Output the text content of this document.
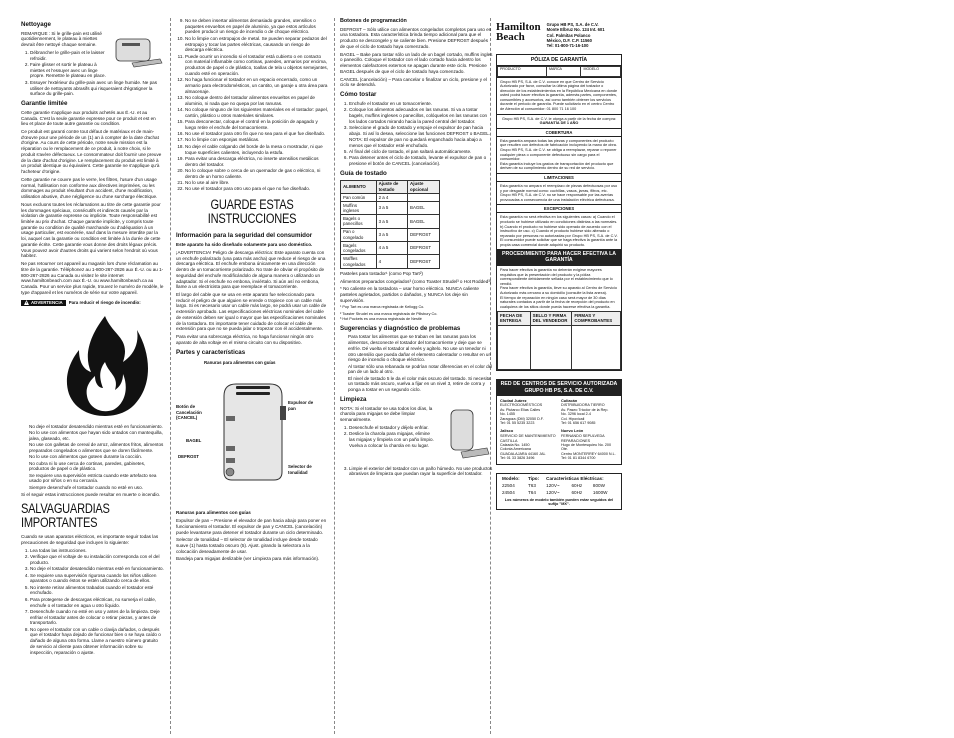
Nettoyage

REMARQUE : Si le grille-pain est utilisé quotidiennement, le plateau à miettes devrait être nettoyé chaque semaine.

1. Débrancher le grille-pain et le laisser refroidir.
2. Faire glisser et sortir le plateau à miettes et l'essuyer avec un linge propre. Remettre le plateau en place.
3. Essuyer l'extérieur du grille-pain avec un linge humide. Ne pas utiliser de nettoyants abrasifs qui risqueraient d'égratigner la surface du grille-pain.
Garantie limitée

Cette garantie s'applique aux produits achetés aux É.-U. et au Canada. C'est la seule garantie expresse pour ce produit et est en lieu et place de toute autre garantie ou condition.

Ce produit est garanti contre tout défaut de matériaux et de main-d'œuvre pour une période de un (1) an à compter de la date d'achat d'origine. Au cours de cette période, notre seule mission est la réparation ou le remplacement de ce produit, à notre choix, si le produit s'avère défectueux. Le consommateur doit fournir une preuve de la date d'achat d'origine. Le remplacement du produit est limité à un produit identique ou équivalent. Cette garantie ne s'applique qu'à l'acheteur d'origine.

Cette garantie ne couvre pas le verre, les filtres, l'usure d'un usage normal, l'utilisation non conforme aux directives imprimées, ou les dommages au produit résultant d'un accident, d'une modification, utilisation abusive, d'une négligence ou d'une surcharge électrique.

Nous excluons toutes les réclamations au titre de cette garantie pour les dommages spéciaux, consécutifs et indirects causés par la violation de garantie expresse ou implicite. Toute responsabilité est limitée au prix d'achat. Chaque garantie implicite, y compris toute garantie ou condition de qualité marchande ou d'adéquation à un usage particulier, est exonérée, sauf dans la mesure interdite par la loi, auquel cas la garantie ou condition est limitée à la durée de cette garantie écrite. Cette garantie vous donne des droits légaux précis. Vous pouvez avoir d'autres droits qui varient selon l'endroit où vous habitez.

Ne pas retourner cet appareil au magasin lors d'une réclamation au titre de la garantie. Téléphonez au 1-800-267-2826 aux É.-U. ou au 1-800-267-2826 au Canada ou visitez le site internet www.hamiltonbeach.com aux É.-U. ou www.hamiltonbeach.ca au Canada. Pour un service plus rapide, trouvez le numéro de modèle, le type d'appareil et les numéros de série sur votre appareil.

ADVERTENCIA Para reducir el riesgo de incendio:
• No deje el tostador desatendido mientras esté en funcionamiento.
• No lo use con alimentos que hayan sido untados con mantequilla, jalea, glaseado, etc.
• No use con galletas de cereal de arroz, alimentos fritos, alimentos preparados congelados o alimentos que se doren fácilmente.
• No lo use con alimentos que goteen durante la cocción.
• No cubra ni lo use cerca de cortinas, paredes, gabinetes, productos de papel o de plástico.
• Se requiere una supervisión estricta cuando este artefacto sea usado por niños o en su cercanía.
• Siempre desenchufe el tostador cuando no esté en uso.

Si el seguir estas instrucciones puede resultar en muerte o incendio.

SALVAGUARDIAS IMPORTANTES

Cuando se usan aparatos eléctricos, es importante seguir todas las precauciones de seguridad que incluyen lo siguiente:

1. Lea todas las instrucciones.
2. Verifique que el voltaje de su instalación corresponda con el del producto.
3. No deje el tostador desatendido mientras esté en funcionamiento.
4. Se requiere una supervisión rigurosa cuando los niños utilicen aparatos o cuando éstos se estén utilizando cerca de ellos.
5. No intente retirar alimentos trabados cuando el tostador esté enchufado.
6. Para protegerse de descargas eléctricas, no sumerja el cable, enchufe o el tostador en agua u otro líquido.
7. Desenchufe cuando no esté en uso y antes de la limpieza. Deje enfriar el tostador antes de colocar o retirar piezas, y antes de transportarlo.
8. No opere el tostador con un cable o clavija dañados, o después que el tostador haya dejado de funcionar bien o se haya caído o dañado de alguna otra forma. Llame a nuestro número gratuito de servicio al cliente para obtener información sobre su inspección, reparación o ajuste.
9. No se deben insertar alimentos demasiado grandes, utensilios o paquetes envueltos en papel de aluminio, ya que estos artículos pueden producir un riesgo de incendio o de choque eléctrico.
10. No lo limpie con estropajos de metal. Se pueden separar pedazos del estropajo y tocar las partes eléctricas, causando un riesgo de descarga eléctrica.
11. Puede ocurrir un incendio si el tostador está cubierto o en contacto con material inflamable como cortinas, paredes, armarios por encima, productos de papel o de plástico, toallas de tela u objetos semejantes, cuando esté en operación.
12. No haga funcionar el tostador en un espacio encerrado, como un armario para electrodomésticos, un cantito, un garaje u otra área para almacenaje.
13. No coloque dentro del tostador alimentos envueltos en papel de aluminio, ni nada que no quepa por las ranuras.
14. No coloque ninguno de los siguientes materiales en el tostador: papel, cartón, plástico u otros materiales similares.
15. Para desconectar, coloque el control en la posición de apagado y luego retire el enchufe del tomacorriente.
16. No use el tostador para otro fin que no sea para el que fue diseñado.
17. No lo limpie con esponjas metálicas.
18. No deje el cable colgando del borde de la mesa o mostrador, ni que toque superficies calientes, incluyendo la estufa.
19. Para evitar una descarga eléctrica, no inserte utensilios metálicos dentro del tostador.
20. No lo coloque sobre o cerca de un quemador de gas o eléctrico, ni dentro de un horno caliente.
21. No lo use al aire libre.
22. No use el tostador para otro uso para el que no fue diseñado.
GUARDE ESTAS INSTRUCCIONES
Información para la seguridad del consumidor

Este aparato ha sido diseñado solamente para uso doméstico.

¡ADVERTENCIA! Peligro de descarga eléctrica: Este aparato cuenta con un enchufe polarizado (una pata más ancha) que reduce el riesgo de una descarga eléctrica. El enchufe embona únicamente en una dirección dentro de un tomacorriente polarizado. No trate de obviar el propósito de seguridad del enchufe modificándolo de alguna manera o utilizando un adaptador. Si el enchufe no embona, inviértalo. Si aún así no embona, llame a un electricista para que reemplace el tomacorriente.

El largo del cable que se usa en este aparato fue seleccionado para reducir el peligro de que alguien se enrede o tropiece con un cable más largo. Si es necesario usar un cable más largo, se podrá usar un cable de extensión aprobado. Las especificaciones eléctricas nominales del cable de extensión deben ser igual o mayor que las especificaciones nominales de la tostadora. Es importante tener cuidado de colocar el cable de extensión para que no se pueda jalar o tropezar con él accidentalmente.

Para evitar una sobrecarga eléctrica, no haga funcionar ningún otro aparato de alta voltaje en el mismo circuito con su dispositivo.

Partes y características
Ranuras para alimentos con guías
Botón de Cancelación (CANCEL)
BAGEL
DEFROST
Expulsor de pan
Selector de tonalidad

Ranuras para alimentos con guías

Expulsor de pan – Presione el elevador de pan hacia abajo para poner en funcionamiento el tostador. El expulsor de pan y CANCEL (cancelación) puede levantarse para detener el tostador durante un ciclo determinado.

Selector de tonalidad – El selector de tonalidad incluye desde tostado suave (1) hasta tostado oscuro (5). Ajust. girando la selectora a la colocación deseadamente de usar.

Bandeja para migajas deslizable (ver Limpieza para más información).

Botones de programación

DEFROST – Sólo utilice con alimentos congelados completos para uso en una tostadora. Esta característica brinda tiempo adicional para que el producto se descongele y se caliente bien. Presione DEFROST después de que el ciclo de tostado haya comenzado.

BAGEL – Bake para tostar sólo un lado de un bagel cortado, muffins ingles o panecillo. Coloque el tostador con el lado cortado hacia adentro los elementos calefactores externos se apagan durante este ciclo. Presione BAGEL después de que el ciclo de tostado haya comenzado.

CANCEL (cancelación) – Para cancelar o finalizar un ciclo, presione y el ciclo se detendrá.

Cómo tostar
1. Enchufe el tostador en un tomacorriente.
2. Coloque los alimentos adecuados en las ranuras. Si va a tostar bagels, muffins ingleses o panecillos, colóquelos en las ranuras con los lados cortados mirando hacia la pared central del tostador.
3. Seleccione el grado de tostado y empuje el expulsor de pan hacia abajo. Si así lo desea, seleccione las funciones DEFROST o BAGEL.
NOTA: El expulsor de pan no quedará enganchado hacia abajo a menos que el tostador esté enchufado.
5. Al final del ciclo de tostado, el pan saltará automáticamente.
6. Para detener antes el ciclo de tostado, levante el expulsor de pan o presione el botón de CANCEL (cancelación).
Guía de tostado
ALIMENTO	Ajuste de tostado	Ajuste opcional
Pan común	2 a 4	
Muffins ingleses	3 a 5	BAGEL
Bagels o panecillos	3 a 5	BAGEL
Pan o congelado	3 a 5	DEFROST
Bagels congelados	4 a 5	DEFROST
Waffles congelados	4	DEFROST

Pasteles para tostador¹ (como Pop Tart²)

Alimentos preparados congelados³ (como Toaster Strudel³ o Hot Rodded³)

* No caliente en la tostadora – usar horno eléctrico. NUNCA caliente pasteles agrietados, partidos o dañados, y NUNCA los deje sin supervisión.

¹ Pop Tart es una marca registrada de Kellogg Co.

² Toaster Strudel es una marca registrada de Pillsbury Co.

³ Hot Pockets es una marca registrada de Nestlé

Sugerencias y diagnóstico de problemas
• Para tostar los alimentos que se traban en las ranuras para los alimentos, desconecte el tostador del tomacorriente y deje que se enfríe. Dé vuelta el tostador al revés y agítelo. No use un tenedor ni otro utensilio que pueda dañar el elemento calentador o resultar en un riesgo de incendio o choque eléctrico.
• Al tostar sólo una rebanada se podrían notar diferencias en el color del pan de un lado al otro.
• El nivel de tostado 5 le da el color más oscuro del tostado. Si necesita un tostado más oscuro, vuelva a fijar en un nivel 3, retire de corra y ponga a tostar en un segundo ciclo.
Limpieza

NOTA: Si el tostador se usa todos los días, la charola para migajas se debe limpiar semanalmente.

1. Desenchufe el tostador y déjelo enfriar.
2. Deslice la charola para migajas, elimine las migajas y límpiela con un paño limpio. Vuelva a colocar la charola en su lugar.
3. Limpie el exterior del tostador con un paño húmedo. No use productos abrasivos de limpieza que puedan rayar la superficie del tostador.
Hamilton
Beach
Grupo HB PS, S.A. de C.V.
Monte Elbruz No. 124 Int. 601
Col. Palmitas Polanco
México, D.F. C.P. 11560
Tel: 01-800-71-16-100
PÓLIZA DE GARANTÍA
PRODUCTO	MARCA	MODELO
Grupo HB PS, S.A. de C.V. conoce en que Centro de Servicio Autorizado por favor, consultar la última página del tostador o dirección de los establecimientos en la República Mexicana en donde usted podrá hacer efectiva la garantía, además partes, componentes, consumibles y accesorios, así como también obtener los servicios durante el periodo de garantía. Puede solicitarlo en el centro Centro de Atención al consumidor: 01 800 71 16 100
Grupo HB PS, S.A. de C.V. le otorga a partir de la fecha de compra:
GARANTÍA DE 1 AÑO
COBERTURA
Esta garantía ampara todas las piezas y componentes del producto que resulten con defectos de fabricación incluyendo la mano de obra.
Grupo HB PS, S.A. de C.V. se obliga a reemplazar, reparar o reponer cualquier pieza o componente defectuoso sin cargo para el consumidor.
Esta garantía incluye los gastos de transportación del producto que deriven de su cumplimiento dentro de su red de servicio.
LIMITACIONES
Esta garantía no ampara el reemplazo de piezas defectuosas por uso y por desgaste normal como: cuchillas, vasos, jarras, filtros, etc.
Grupo HB PS, S.A. de C.V. no se hace responsable por las averías provocadas a consecuencia de una instalación eléctrica defectuosa.
EXCEPCIONES
Esta garantía no será efectiva en los siguientes casos: a) Cuando el producto se hubiese utilizado en condiciones distintas a las normales. b) Cuando el producto no hubiese sido operado de acuerdo con el instructivo de uso. c) Cuando el producto hubiese sido alterado o reparado por personas no autorizadas por Grupo HB PS, S.A. de C.V. El consumidor puede solicitar que se haga efectiva la garantía ante la propia casa comercial donde adquirió su producto.
PROCEDIMIENTO PARA HACER EFECTIVA LA GARANTÍA
Para hacer efectiva la garantía no deberán exigirse mayores requisitos que la presentación del producto y la póliza correspondiente debidamente sellada por el establecimiento que lo vendió.
Para hacer efectiva la garantía, lleve su aparato al Centro de Servicio Autorizado más cercano a su domicilio (consulte la lista anexa).
El tiempo de reparación en ningún caso será mayor de 30 días naturales contados a partir de la fecha de recepción del producto en cualquiera de los sitios donde pueda hacerse efectiva la garantía.
FECHA DE ENTREGA	SELLO Y FIRMA DEL VENDEDOR	FIRMAS Y COMPROBANTES

RED DE CENTROS DE SERVICIO AUTORIZADA GRUPO HB PS, S.A. DE C.V.
Ciudad Juárez
ELECTRODOMÉSTICOS
Av. Plutarco Elías Calles
No. 1455
Zaragoza (DM) 32050 D.F.
Tel: 01 55 5235 3223
Culiacán
DISTRIBUIDORA TIERRO
Av. Paseo Tricolor de la Rep.
No. 3296 local 2-4
Col. Hipovicali
Tel: 01 656 617 9085
Jalisco
SERVICIO DE MANTENIMIENTO CASTILLA
Calzada No. 1450
Colonia Americana
GUADALAJARA 44160 JAL
Tel: 01 33 3826 3496
Nuevo León
FERNANDO SEPULVEDA REPARACIONES
Hugo de Montesquieu No. 200 Ote.
Centro MONTERREY 64000 N.L.
Tel: 01 81 8344 6700
Modelo:	Tipo:	Características Eléctricas:		
22504	T63	120V~	60Hz	800W
24504	T64	120V~	60Hz	1600W
Los números de modelo también pueden estar seguidos del sufijo "MX".
